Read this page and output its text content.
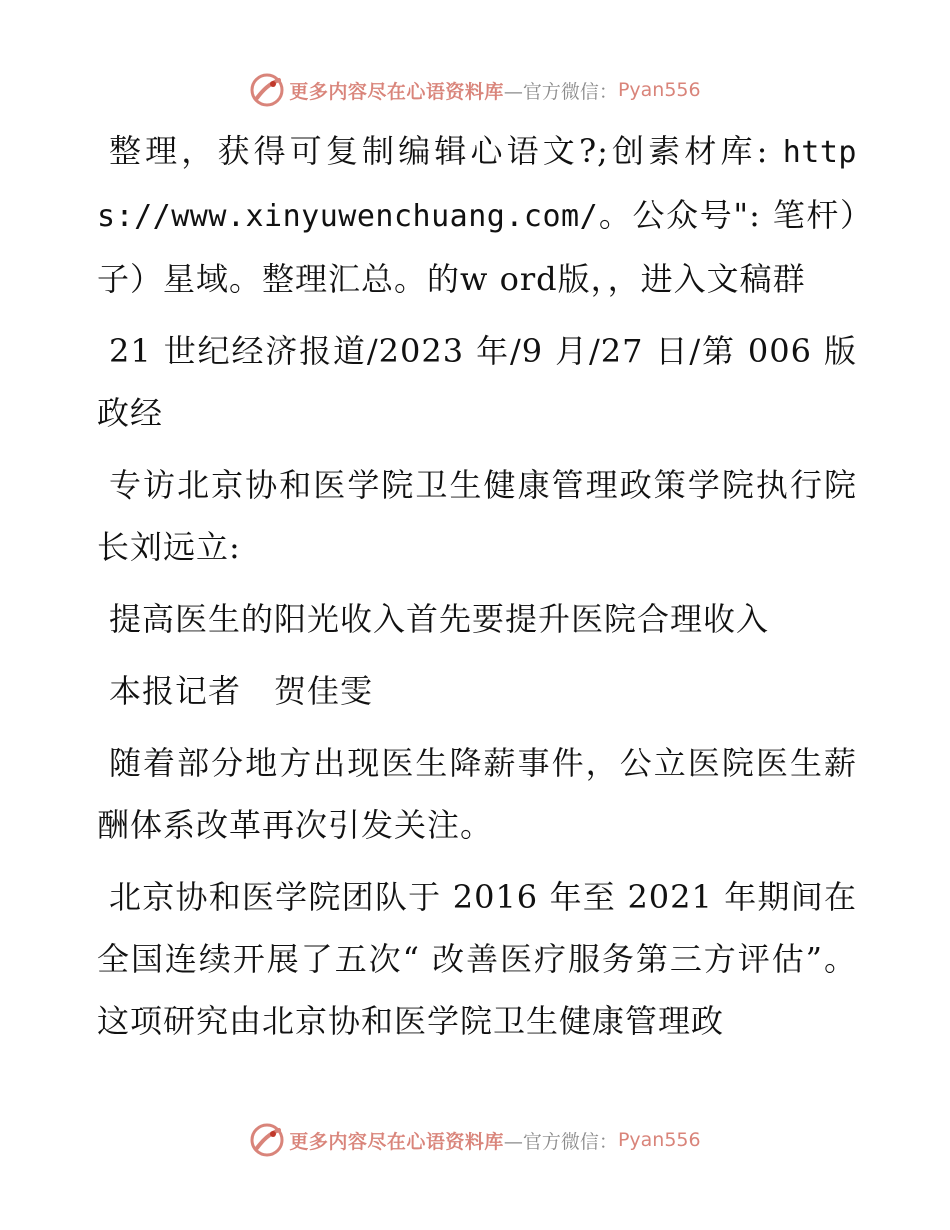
更多内容尽在心语资料库 —官方微信： Pyan556

整理，获得可复制编辑心语文?;创素材库: https://www.xinyuwenchuang.com/。公众号": 笔杆）子）星域。整理汇总。的w ord版，，进入文稿群

21 世纪经济报道/2023 年/9 月/27 日/第 006 版政经

专访北京协和医学院卫生健康管理政策学院执行院长刘远立:

提高医生的阳光收入首先要提升医院合理收入

本报记者　贺佳雯

随着部分地方出现医生降薪事件，公立医院医生薪酬体系改革再次引发关注。

北京协和医学院团队于 2016 年至 2021 年期间在全国连续开展了五次“ 改善医疗服务第三方评估”。这项研究由北京协和医学院卫生健康管理政

更多内容尽在心语资料库 —官方微信： Pyan556
